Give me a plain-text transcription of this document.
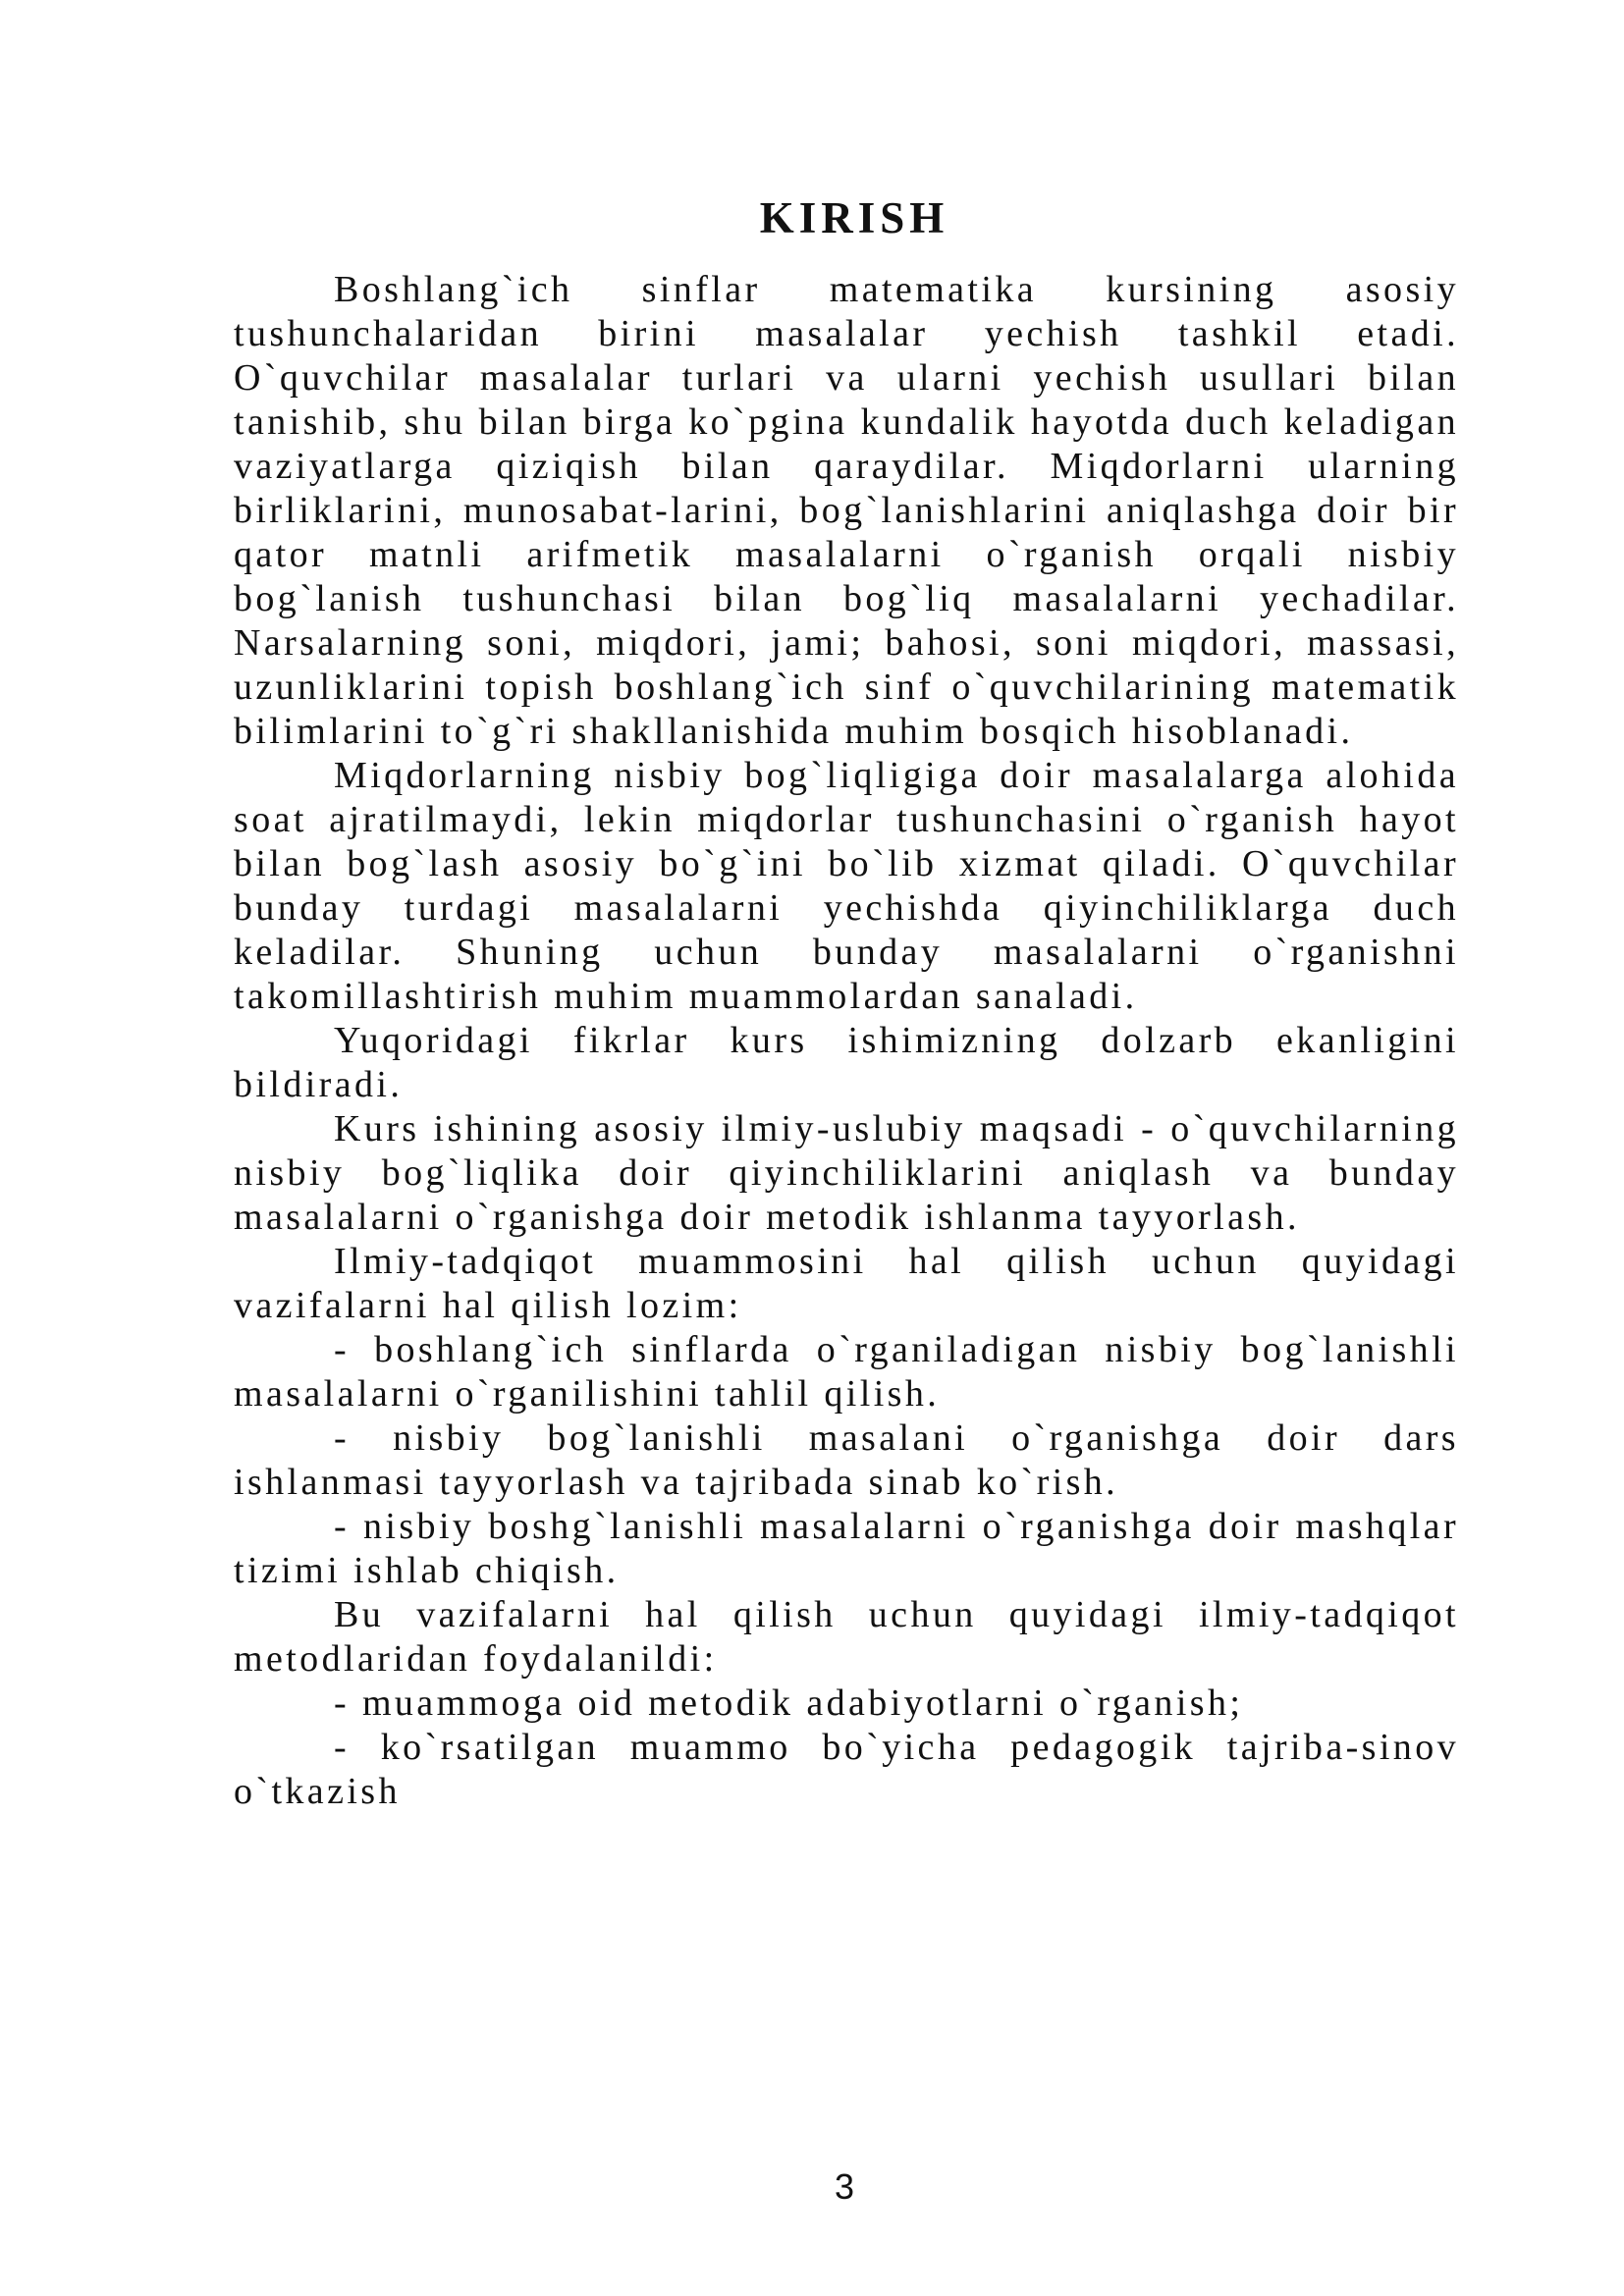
KIRISH

Boshlang`ich sinflar matematika kursining asosiy tushunchalaridan birini masalalar yechish tashkil etadi. O`quvchilar masalalar turlari va ularni yechish usullari bilan tanishib, shu bilan birga ko`pgina kundalik hayotda duch keladigan vaziyatlarga qiziqish bilan qaraydilar. Miqdorlarni ularning birliklarini, munosabat-larini, bog`lanishlarini aniqlashga doir bir qator matnli arifmetik masalalarni o`rganish orqali nisbiy bog`lanish tushunchasi bilan bog`liq masalalarni yechadilar. Narsalarning soni, miqdori, jami; bahosi, soni miqdori, massasi, uzunliklarini topish boshlang`ich sinf o`quvchilarining matematik bilimlarini to`g`ri shakllanishida muhim bosqich hisoblanadi.

Miqdorlarning nisbiy bog`liqligiga doir masalalarga alohida soat ajratilmaydi, lekin miqdorlar tushunchasini o`rganish hayot bilan bog`lash asosiy bo`g`ini bo`lib xizmat qiladi. O`quvchilar bunday turdagi masalalarni yechishda qiyinchiliklarga duch keladilar. Shuning uchun bunday masalalarni o`rganishni takomillashtirish muhim muammolardan sanaladi.

Yuqoridagi fikrlar kurs ishimizning dolzarb ekanligini bildiradi.

Kurs ishining asosiy ilmiy-uslubiy maqsadi - o`quvchilarning nisbiy bog`liqlika doir qiyinchiliklarini aniqlash va bunday masalalarni o`rganishga doir metodik ishlanma tayyorlash.

Ilmiy-tadqiqot muammosini hal qilish uchun quyidagi vazifalarni hal qilish lozim:

- boshlang`ich sinflarda o`rganiladigan nisbiy bog`lanishli masalalarni o`rganilishini tahlil qilish.

- nisbiy bog`lanishli masalani o`rganishga doir dars ishlanmasi tayyorlash va tajribada sinab ko`rish.

- nisbiy boshg`lanishli masalalarni o`rganishga doir mashqlar tizimi ishlab chiqish.

Bu vazifalarni hal qilish uchun quyidagi ilmiy-tadqiqot metodlaridan foydalanildi:

- muammoga oid metodik adabiyotlarni o`rganish;

- ko`rsatilgan muammo bo`yicha pedagogik tajriba-sinov o`tkazish

3
